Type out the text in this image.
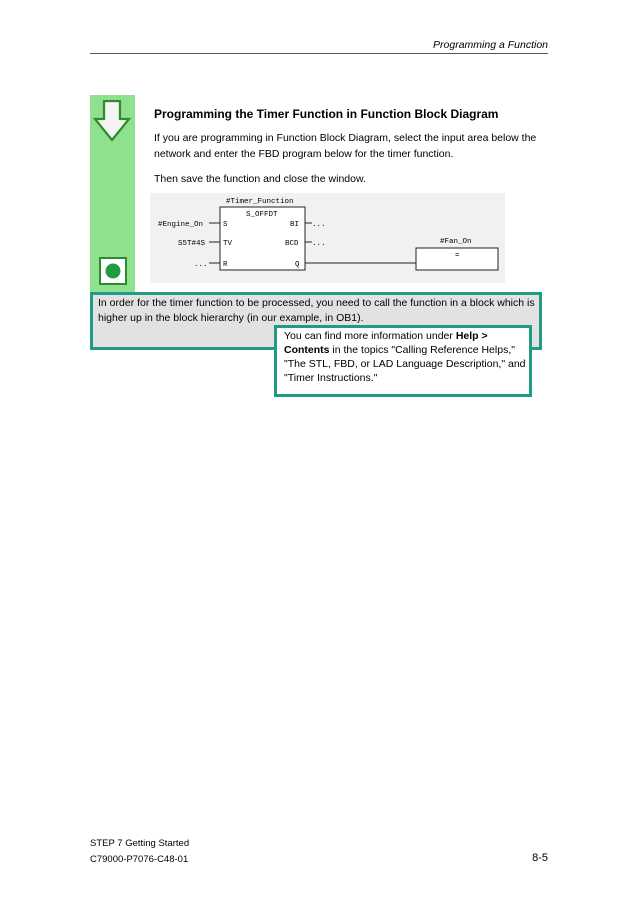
Programming a Function
Programming the Timer Function in Function Block Diagram
If you are programming in Function Block Diagram, select the input area below the network and enter the FBD program below for the timer function.
Then save the function and close the window.
#Timer_Function
S_OFFDT
#Engine_On	S
S5T#4S TV
... R
BI ...
BCD ...
Q
#Fan_On
=
In order for the timer function to be processed, you need to call the function in a block which is higher up in the block hierarchy (in our example, in OB1).
You can find more information under Help > Contents in the topics "Calling Reference Helps," "The STL, FBD, or LAD Language Description," and "Timer Instructions."
STEP 7 Getting Started
C79000-P7076-C48-01	8-5
